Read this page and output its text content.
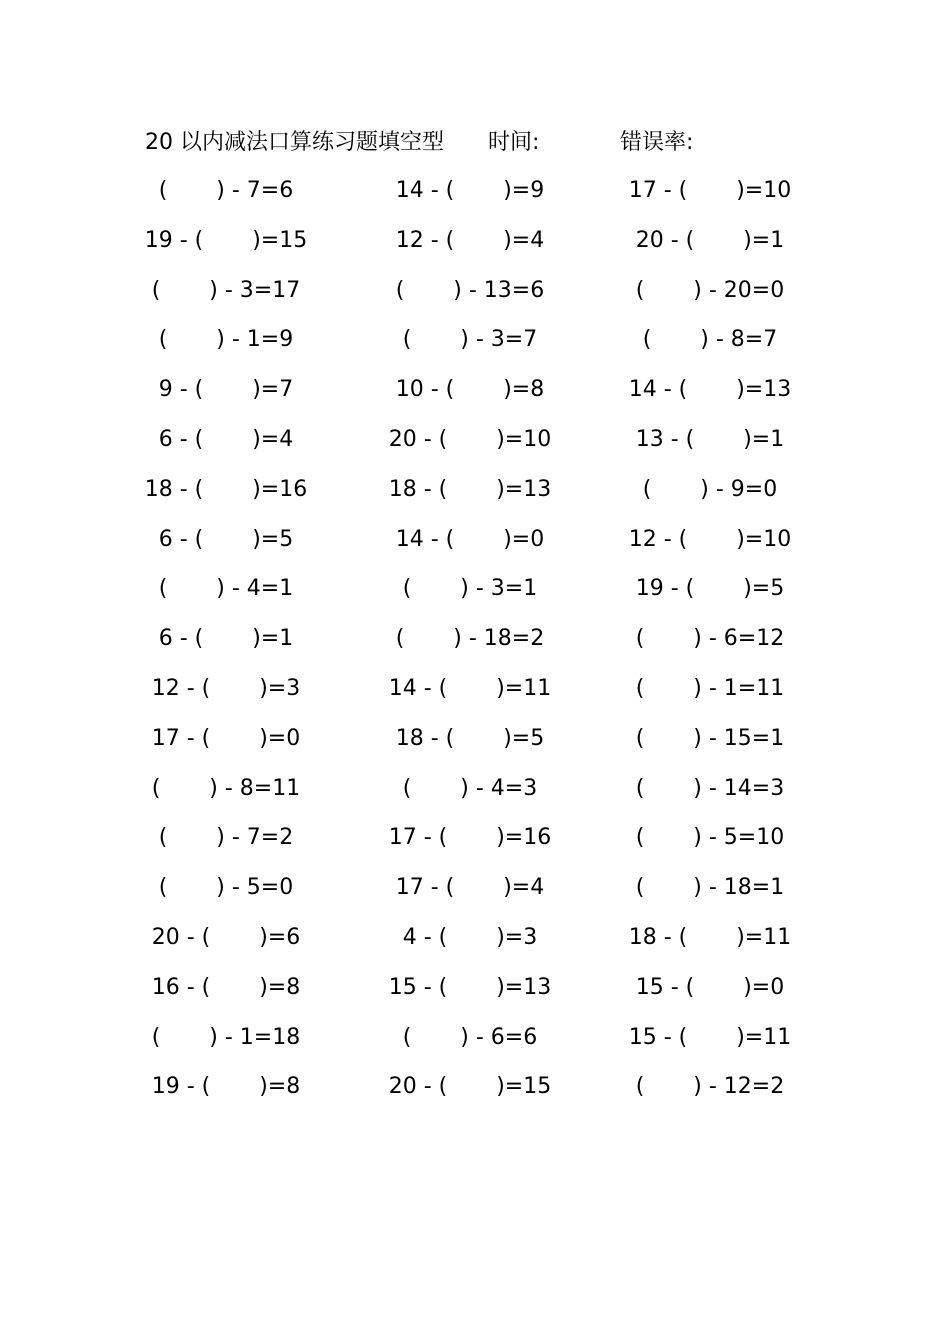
20 以内减法口算练习题填空型 时间:	错误率:
(       ) - 7=6	14 - (       )=9	17 - (       )=10
19 - (       )=15	12 - (       )=4	20 - (       )=1
(       ) - 3=17	(       ) - 13=6	(       ) - 20=0
(       ) - 1=9	(       ) - 3=7	(       ) - 8=7
9 - (       )=7	10 - (       )=8	14 - (       )=13
6 - (       )=4	20 - (       )=10	13 - (       )=1
18 - (       )=16	18 - (       )=13	(       ) - 9=0
6 - (       )=5	14 - (       )=0	12 - (       )=10
(       ) - 4=1	(       ) - 3=1	19 - (       )=5
6 - (       )=1	(       ) - 18=2	(       ) - 6=12
12 - (       )=3	14 - (       )=11	(       ) - 1=11
17 - (       )=0	18 - (       )=5	(       ) - 15=1
(       ) - 8=11	(       ) - 4=3	(       ) - 14=3
(       ) - 7=2	17 - (       )=16	(       ) - 5=10
(       ) - 5=0	17 - (       )=4	(       ) - 18=1
20 - (       )=6	4 - (       )=3	18 - (       )=11
16 - (       )=8	15 - (       )=13	15 - (       )=0
(       ) - 1=18	(       ) - 6=6	15 - (       )=11
19 - (       )=8	20 - (       )=15	(       ) - 12=2
